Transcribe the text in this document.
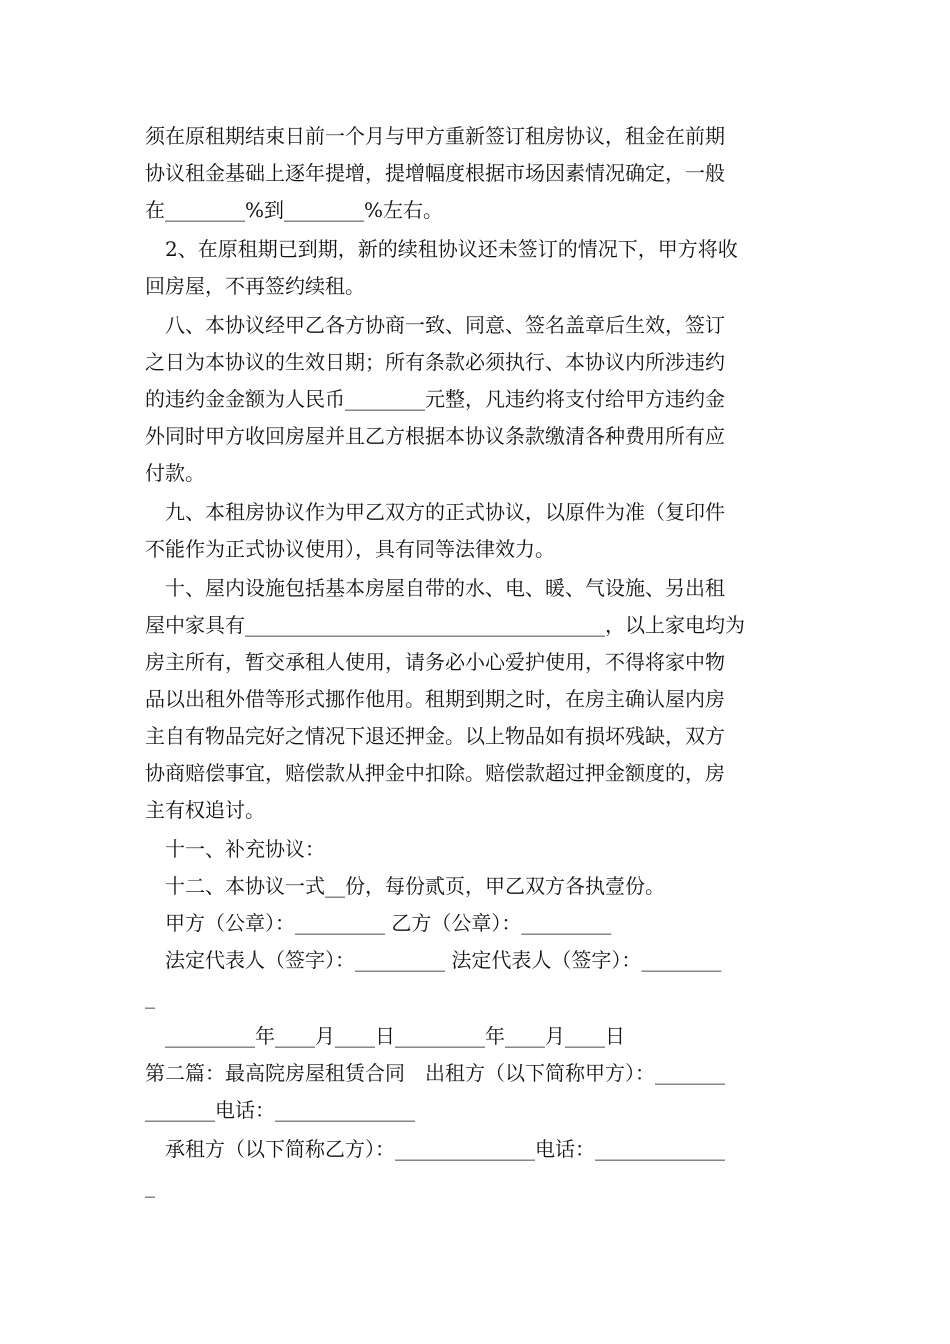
须在原租期结束日前一个月与甲方重新签订租房协议，租金在前期
协议租金基础上逐年提增，提增幅度根据市场因素情况确定，一般
在________%到________%左右。
2、在原租期已到期，新的续租协议还未签订的情况下，甲方将收
回房屋，不再签约续租。
八、本协议经甲乙各方协商一致、同意、签名盖章后生效，签订
之日为本协议的生效日期；所有条款必须执行、本协议内所涉违约
的违约金金额为人民币________元整，凡违约将支付给甲方违约金
外同时甲方收回房屋并且乙方根据本协议条款缴清各种费用所有应
付款。
九、本租房协议作为甲乙双方的正式协议，以原件为准（复印件
不能作为正式协议使用），具有同等法律效力。
十、屋内设施包括基本房屋自带的水、电、暖、气设施、另出租
屋中家具有____________________________________，以上家电均为
房主所有，暂交承租人使用，请务必小心爱护使用，不得将家中物
品以出租外借等形式挪作他用。租期到期之时，在房主确认屋内房
主自有物品完好之情况下退还押金。以上物品如有损坏残缺，双方
协商赔偿事宜，赔偿款从押金中扣除。赔偿款超过押金额度的，房
主有权追讨。
十一、补充协议：
十二、本协议一式__份，每份贰页，甲乙双方各执壹份。
甲方（公章）：_________ 乙方（公章）：_________
法定代表人（签字）：_________ 法定代表人（签字）：________
_
_________年____月____日_________年____月____日
第二篇：最高院房屋租赁合同　出租方（以下简称甲方）：_______
_______电话：______________
承租方（以下简称乙方）：______________电话：_____________
_
